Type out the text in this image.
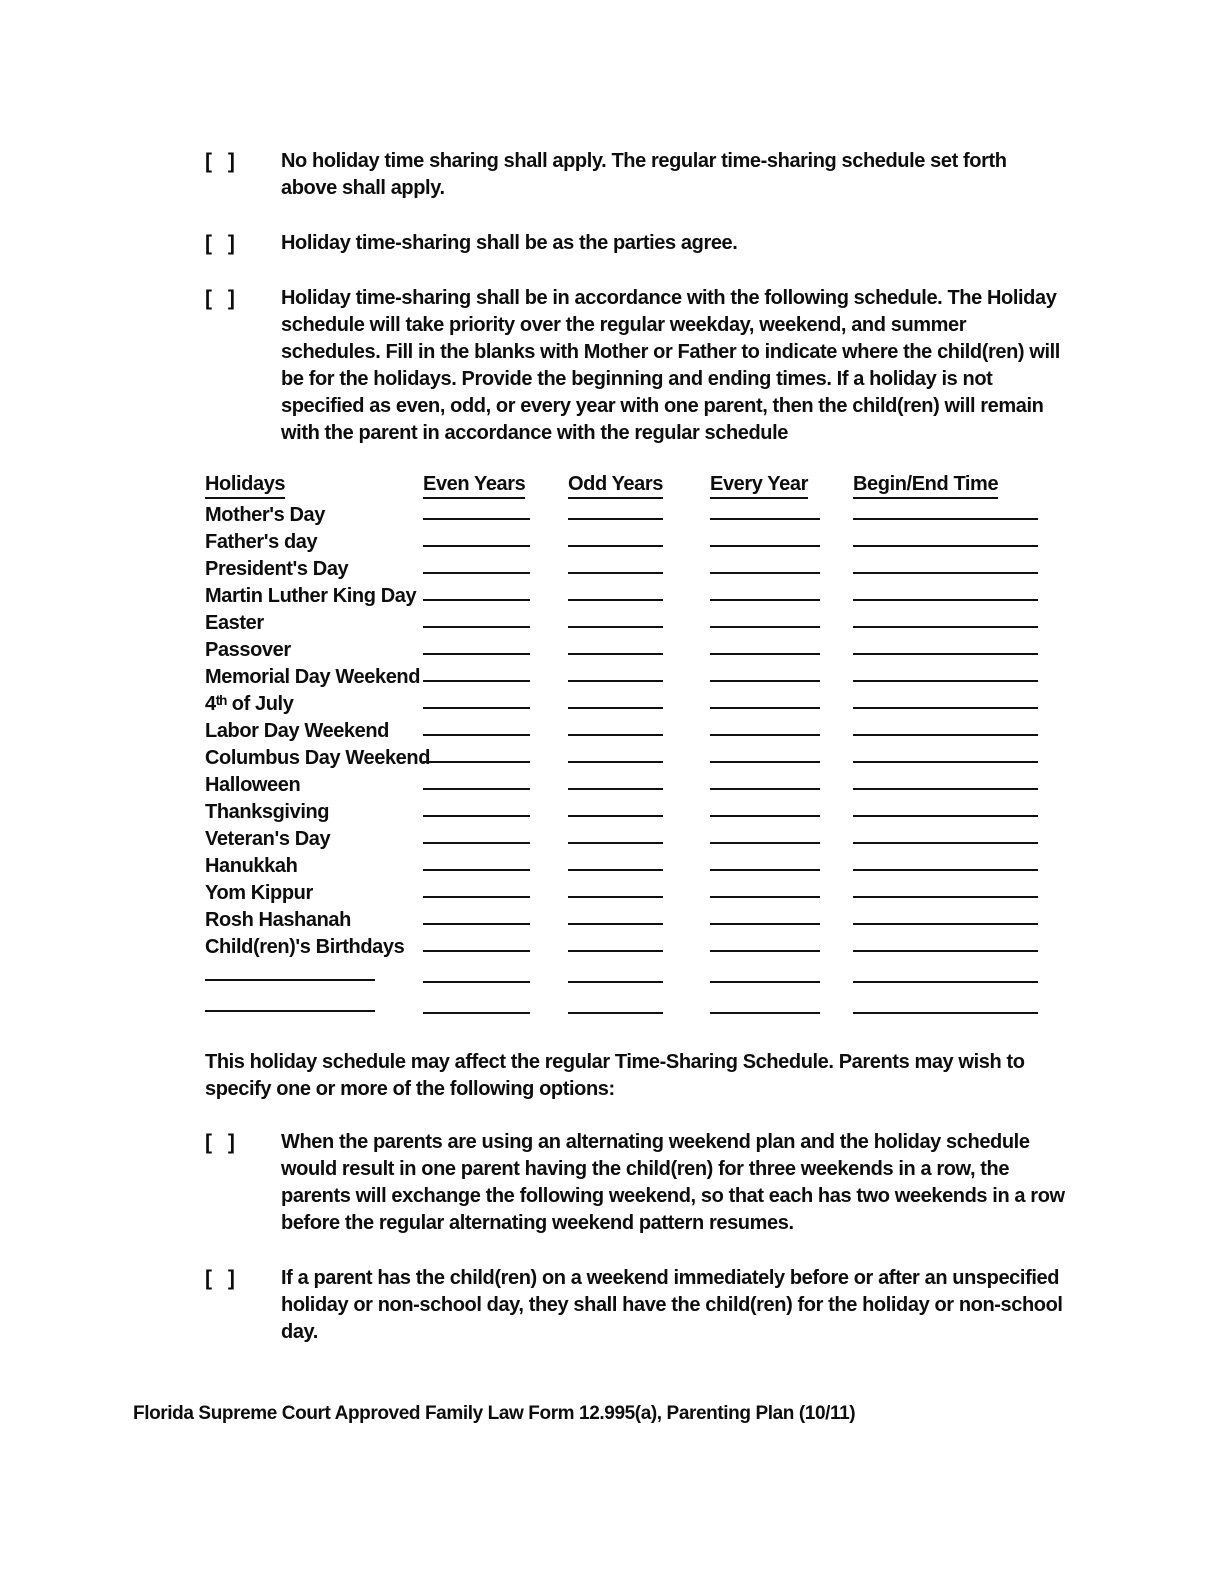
[   ]	No holiday time sharing shall apply. The regular time-sharing schedule set forth above shall apply.

[   ]	Holiday time-sharing shall be as the parties agree.

[   ]	Holiday time-sharing shall be in accordance with the following schedule. The Holiday schedule will take priority over the regular weekday, weekend, and summer schedules. Fill in the blanks with Mother or Father to indicate where the child(ren) will be for the holidays. Provide the beginning and ending times. If a holiday is not specified as even, odd, or every year with one parent, then the child(ren) will remain with the parent in accordance with the regular schedule

Holidays	Even Years Odd Years Every Year Begin/End Time
Mother's Day
Father's day
President's Day
Martin Luther King Day
Easter
Passover
Memorial Day Weekend
4ᵗʰ of July
Labor Day Weekend
Columbus Day Weekend
Halloween
Thanksgiving
Veteran's Day
Hanukkah
Yom Kippur
Rosh Hashanah
Child(ren)'s Birthdays

This holiday schedule may affect the regular Time-Sharing Schedule. Parents may wish to specify one or more of the following options:

[   ]	When the parents are using an alternating weekend plan and the holiday schedule would result in one parent having the child(ren) for three weekends in a row, the parents will exchange the following weekend, so that each has two weekends in a row before the regular alternating weekend pattern resumes.

[   ]	If a parent has the child(ren) on a weekend immediately before or after an unspecified holiday or non-school day, they shall have the child(ren) for the holiday or non-school day.

Florida Supreme Court Approved Family Law Form 12.995(a), Parenting Plan (10/11)
